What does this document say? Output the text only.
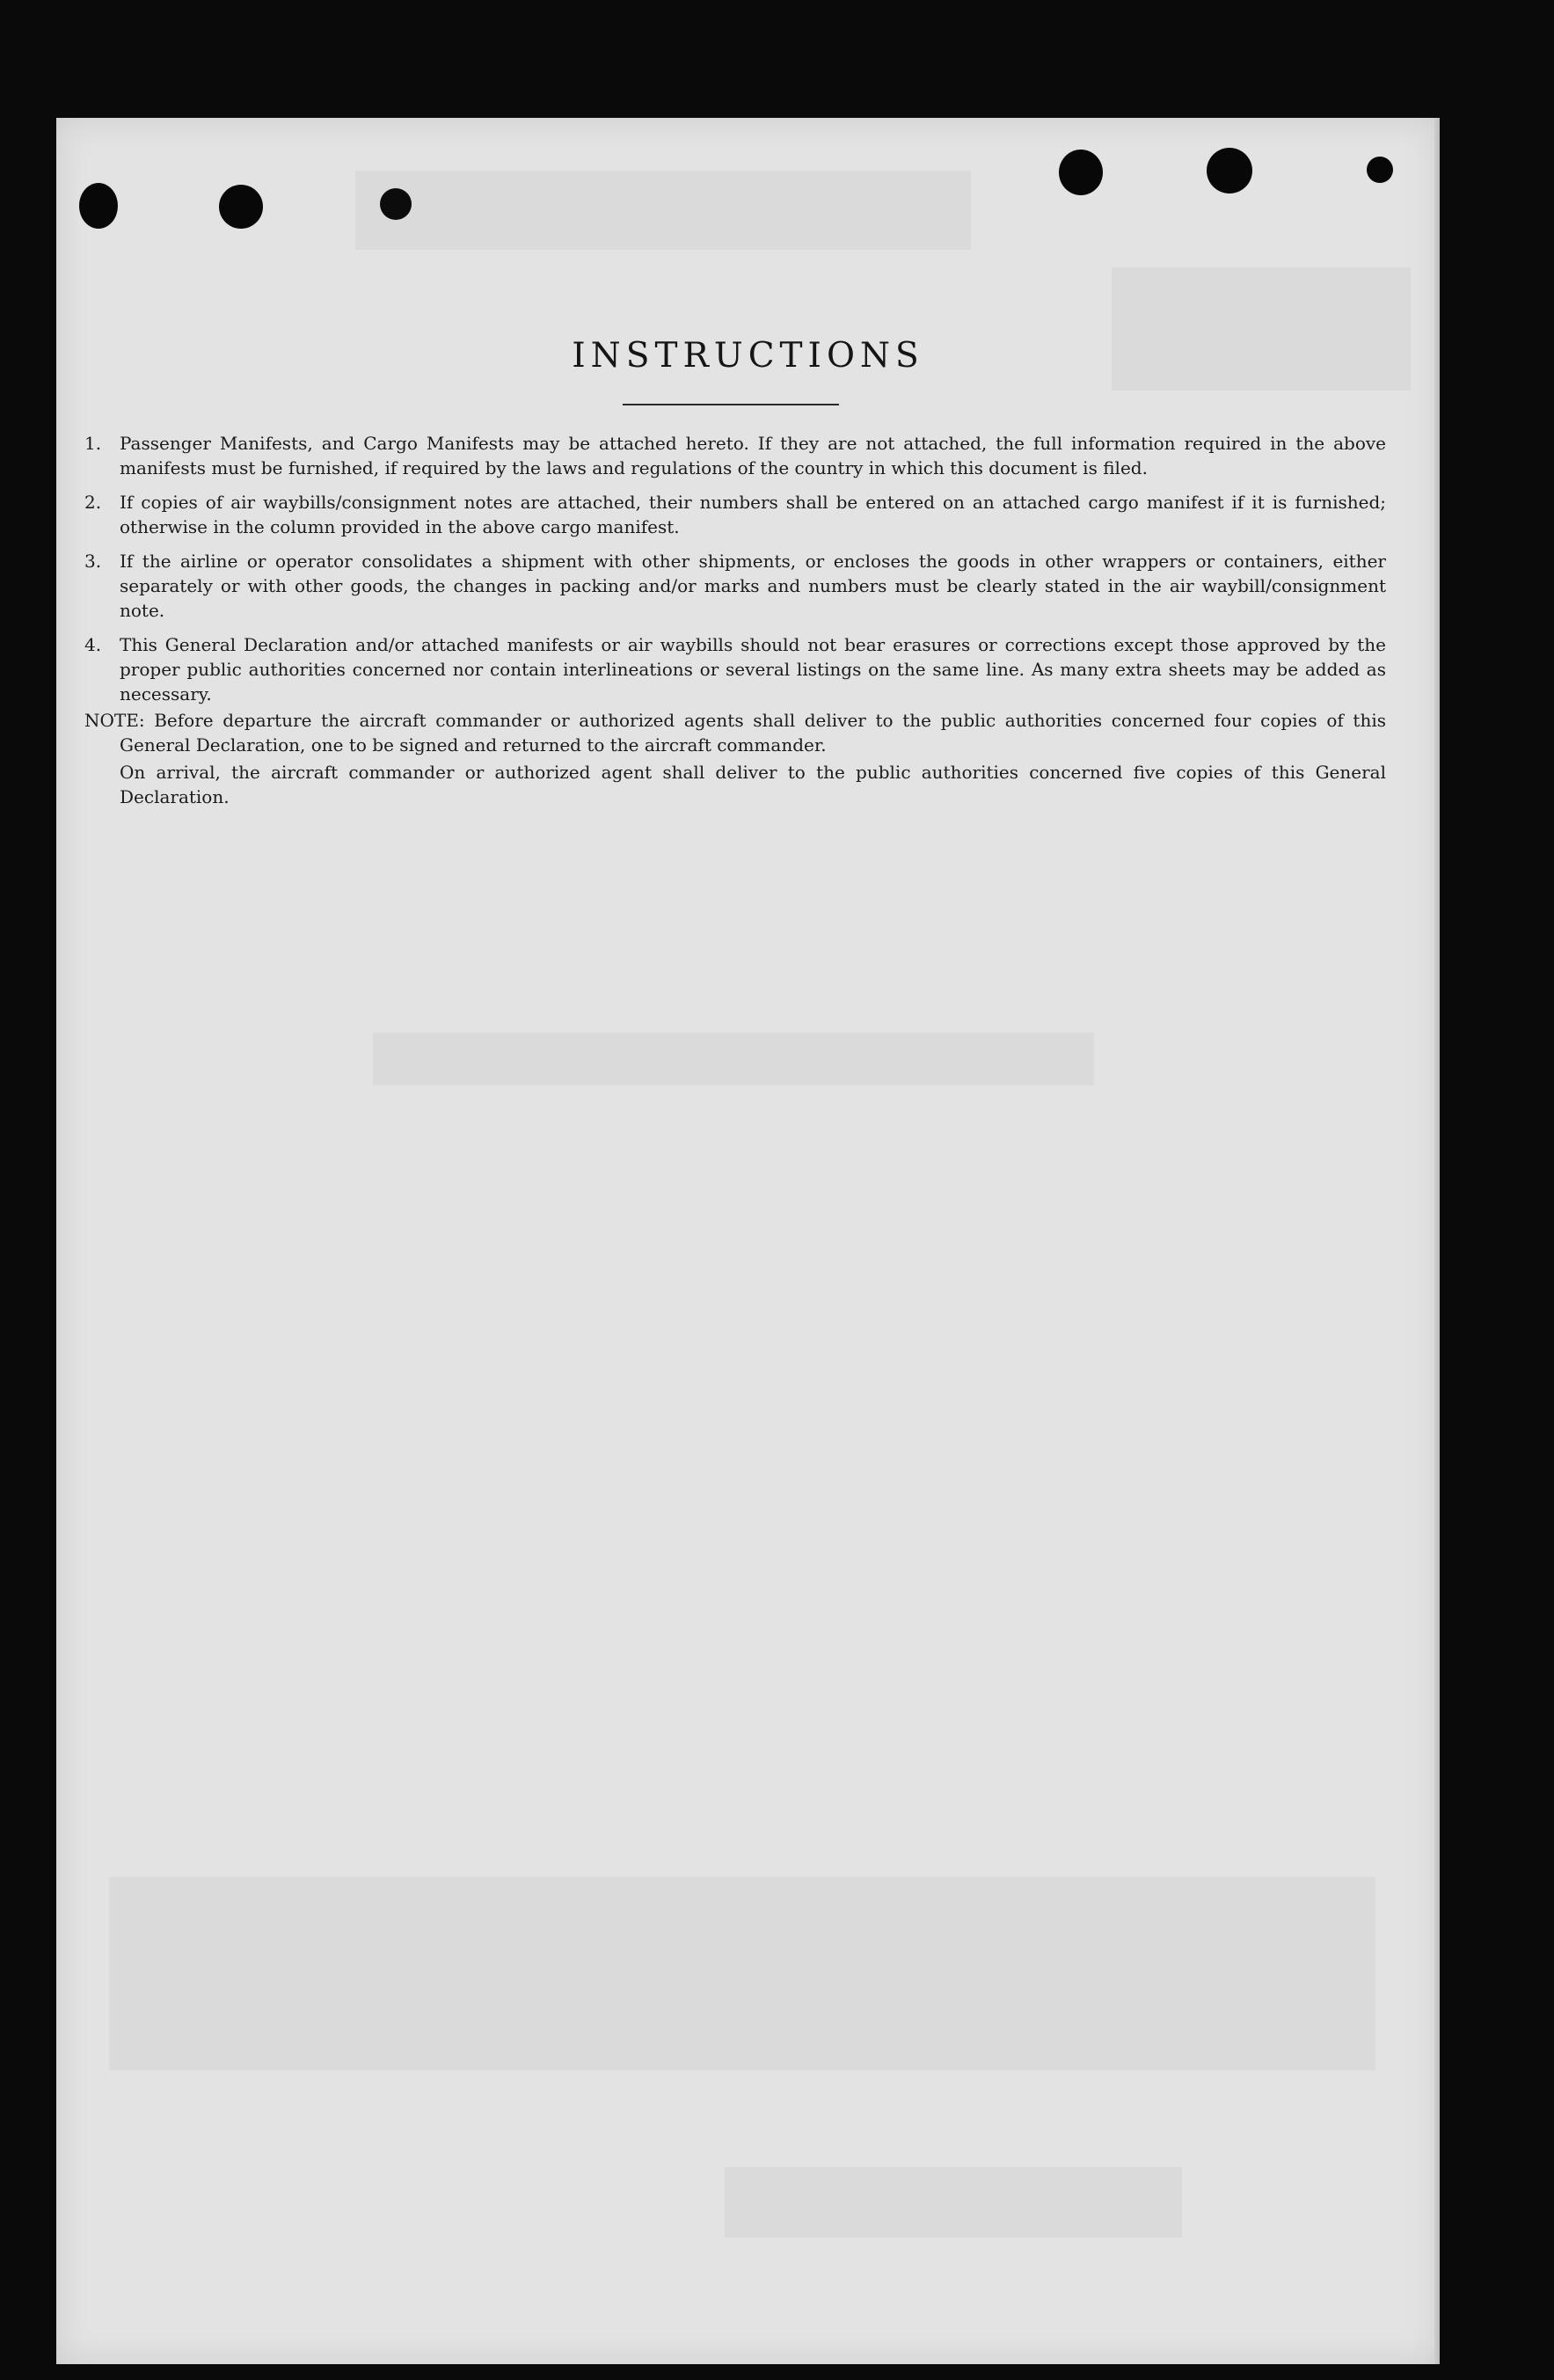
INSTRUCTIONS
1. Passenger Manifests, and Cargo Manifests may be attached hereto. If they are not attached, the full information required in the above manifests must be furnished, if required by the laws and regulations of the country in which this document is filed.
2. If copies of air waybills/consignment notes are attached, their numbers shall be entered on an attached cargo manifest if it is furnished; otherwise in the column provided in the above cargo manifest.
3. If the airline or operator consolidates a shipment with other shipments, or encloses the goods in other wrappers or containers, either separately or with other goods, the changes in packing and/or marks and numbers must be clearly stated in the air waybill/consignment note.
4. This General Declaration and/or attached manifests or air waybills should not bear erasures or corrections except those approved by the proper public authorities concerned nor contain interlineations or several listings on the same line. As many extra sheets may be added as necessary.

NOTE: Before departure the aircraft commander or authorized agents shall deliver to the public authorities concerned four copies of this General Declaration, one to be signed and returned to the aircraft commander.

On arrival, the aircraft commander or authorized agent shall deliver to the public authorities concerned five copies of this General Declaration.
